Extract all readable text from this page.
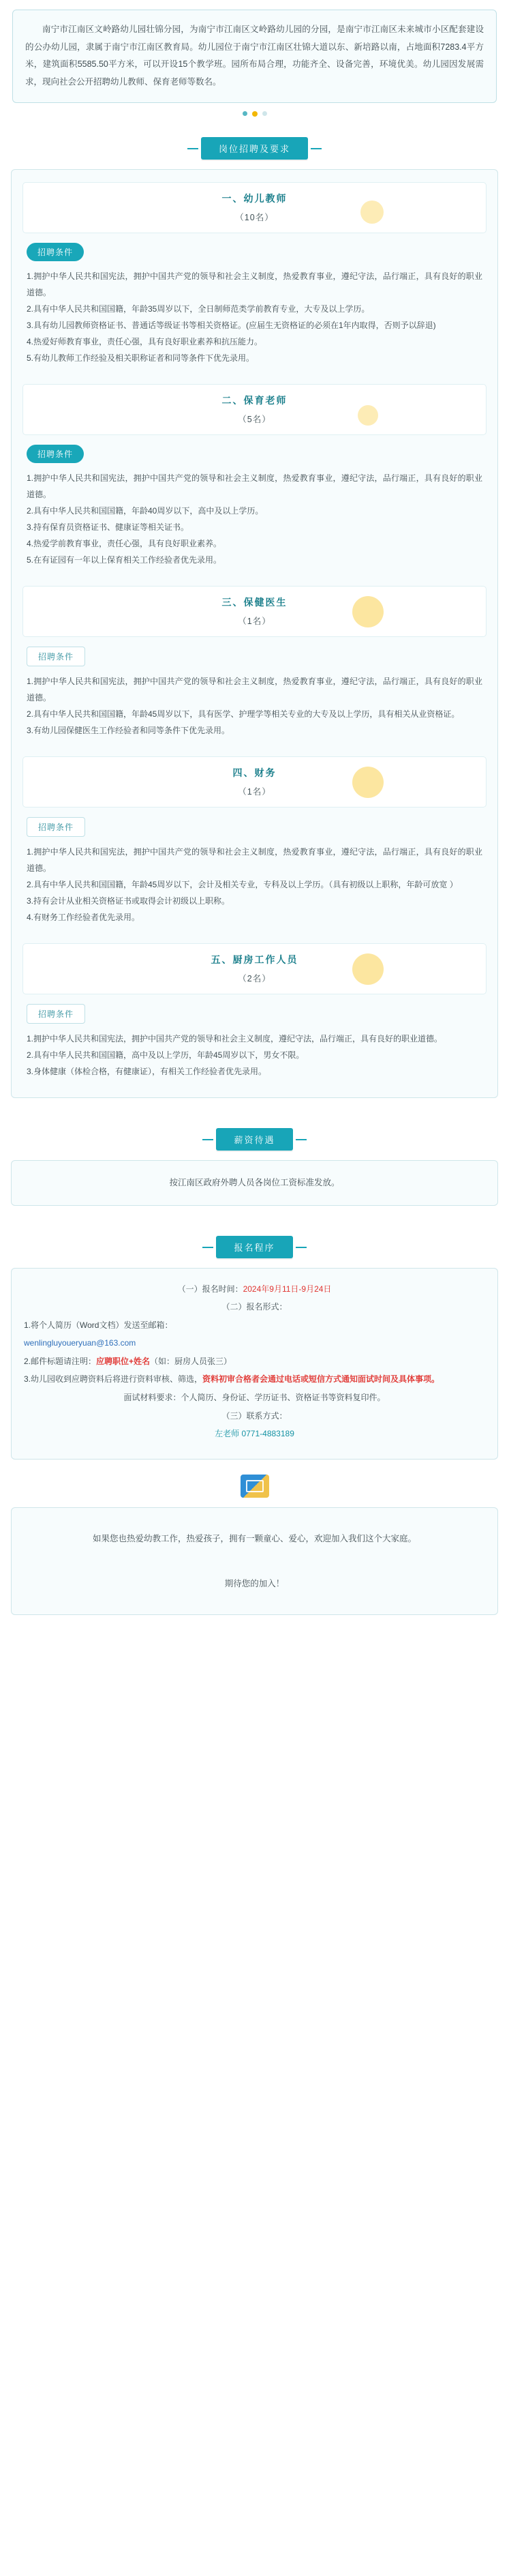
南宁市江南区文岭路幼儿园壮锦分园，为南宁市江南区文岭路幼儿园的分园，是南宁市江南区未来城市小区配套建设的公办幼儿园，隶属于南宁市江南区教育局。幼儿园位于南宁市江南区壮锦大道以东、新培路以南，占地面积7283.4平方米，建筑面积5585.50平方米，可以开设15个教学班。园所布局合理，功能齐全、设备完善，环境优美。幼儿园因发展需求，现向社会公开招聘幼儿教师、保育老师等数名。
岗位招聘及要求
一、幼儿教师
（10名）
招聘条件

1.拥护中华人民共和国宪法，拥护中国共产党的领导和社会主义制度，热爱教育事业，遵纪守法，品行端正，具有良好的职业道德。

2.具有中华人民共和国国籍，年龄35周岁以下，全日制师范类学前教育专业，大专及以上学历。

3.具有幼儿园教师资格证书、普通话等级证书等相关资格证。(应届生无资格证的必须在1年内取得，否则予以辞退)

4.热爱好师教育事业，责任心强，具有良好职业素养和抗压能力。

5.有幼儿教师工作经验及相关职称证者和同等条件下优先录用。

二、保育老师
（5名）
招聘条件

1.拥护中华人民共和国宪法，拥护中国共产党的领导和社会主义制度，热爱教育事业，遵纪守法，品行端正，具有良好的职业道德。

2.具有中华人民共和国国籍，年龄40周岁以下，高中及以上学历。

3.持有保育员资格证书、健康证等相关证书。

4.热爱学前教育事业，责任心强，具有良好职业素养。

5.在有证园有一年以上保育相关工作经验者优先录用。

三、保健医生
（1名）
招聘条件

1.拥护中华人民共和国宪法，拥护中国共产党的领导和社会主义制度，热爱教育事业，遵纪守法，品行端正，具有良好的职业道德。

2.具有中华人民共和国国籍，年龄45周岁以下，具有医学、护理学等相关专业的大专及以上学历，具有相关从业资格证。

3.有幼儿园保健医生工作经验者和同等条件下优先录用。

四、财务
（1名）
招聘条件

1.拥护中华人民共和国宪法，拥护中国共产党的领导和社会主义制度，热爱教育事业，遵纪守法，品行端正，具有良好的职业道德。

2.具有中华人民共和国国籍，年龄45周岁以下，会计及相关专业，专科及以上学历。（具有初级以上职称，年龄可放宽 ）

3.持有会计从业相关资格证书或取得会计初级以上职称。

4.有财务工作经验者优先录用。

五、厨房工作人员
（2名）
招聘条件

1.拥护中华人民共和国宪法，拥护中国共产党的领导和社会主义制度，遵纪守法，品行端正，具有良好的职业道德。

2.具有中华人民共和国国籍，高中及以上学历，年龄45周岁以下，男女不限。

3.身体健康（体检合格，有健康证），有相关工作经验者优先录用。

薪资待遇
按江南区政府外聘人员各岗位工资标准发放。
报名程序

（一）报名时间：2024年9月11日-9月24日

（二）报名形式：

1.将个人简历（Word文档）发送至邮箱：

wenlingluyoueryuan@163.com

2.邮件标题请注明：应聘职位+姓名（如：厨房人员张三）

3.幼儿园收到应聘资料后将进行资料审核、筛选，资料初审合格者会通过电话或短信方式通知面试时间及具体事项。

面试材料要求：个人简历、身份证、学历证书、资格证书等资料复印件。

（三）联系方式：

左老师 0771-4883189

如果您也热爱幼教工作，热爱孩子，拥有一颗童心、爱心，欢迎加入我们这个大家庭。

期待您的加入！
